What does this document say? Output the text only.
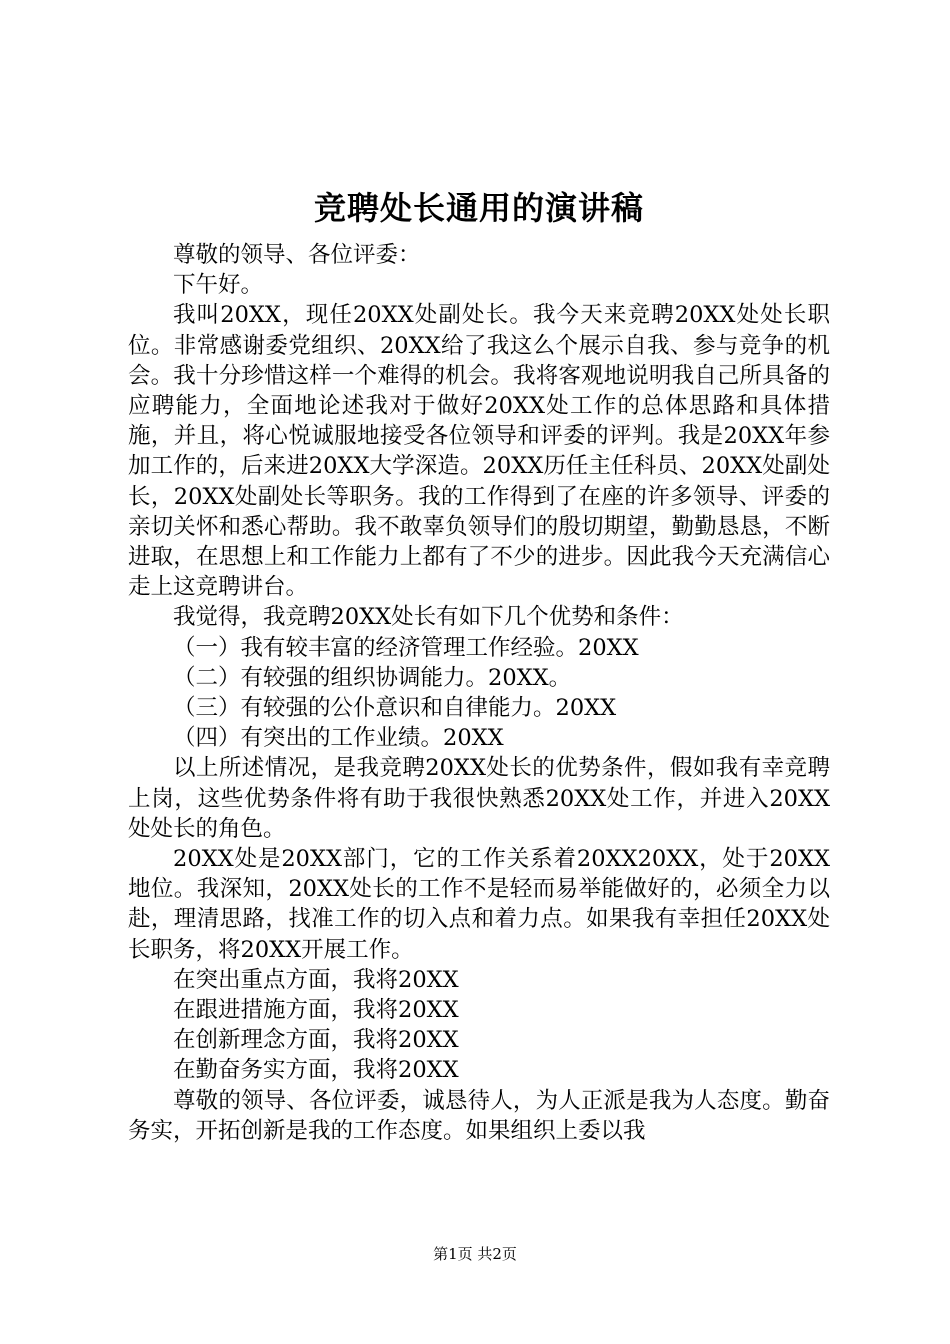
竞聘处长通用的演讲稿

尊敬的领导、各位评委：

下午好。

我叫20XX，现任20XX处副处长。我今天来竞聘20XX处处长职位。非常感谢委党组织、20XX给了我这么个展示自我、参与竞争的机会。我十分珍惜这样一个难得的机会。我将客观地说明我自己所具备的应聘能力，全面地论述我对于做好20XX处工作的总体思路和具体措施，并且，将心悦诚服地接受各位领导和评委的评判。我是20XX年参加工作的，后来进20XX大学深造。20XX历任主任科员、20XX处副处长，20XX处副处长等职务。我的工作得到了在座的许多领导、评委的亲切关怀和悉心帮助。我不敢辜负领导们的殷切期望，勤勤恳恳，不断进取，在思想上和工作能力上都有了不少的进步。因此我今天充满信心走上这竞聘讲台。

我觉得，我竞聘20XX处长有如下几个优势和条件：

（一）我有较丰富的经济管理工作经验。20XX

（二）有较强的组织协调能力。20XX。

（三）有较强的公仆意识和自律能力。20XX

（四）有突出的工作业绩。20XX

以上所述情况，是我竞聘20XX处长的优势条件，假如我有幸竞聘上岗，这些优势条件将有助于我很快熟悉20XX处工作，并进入20XX处处长的角色。

20XX处是20XX部门，它的工作关系着20XX20XX，处于20XX地位。我深知，20XX处长的工作不是轻而易举能做好的，必须全力以赴，理清思路，找准工作的切入点和着力点。如果我有幸担任20XX处长职务，将20XX开展工作。

在突出重点方面，我将20XX

在跟进措施方面，我将20XX

在创新理念方面，我将20XX

在勤奋务实方面，我将20XX

尊敬的领导、各位评委，诚恳待人，为人正派是我为人态度。勤奋务实，开拓创新是我的工作态度。如果组织上委以我

第1页 共2页
